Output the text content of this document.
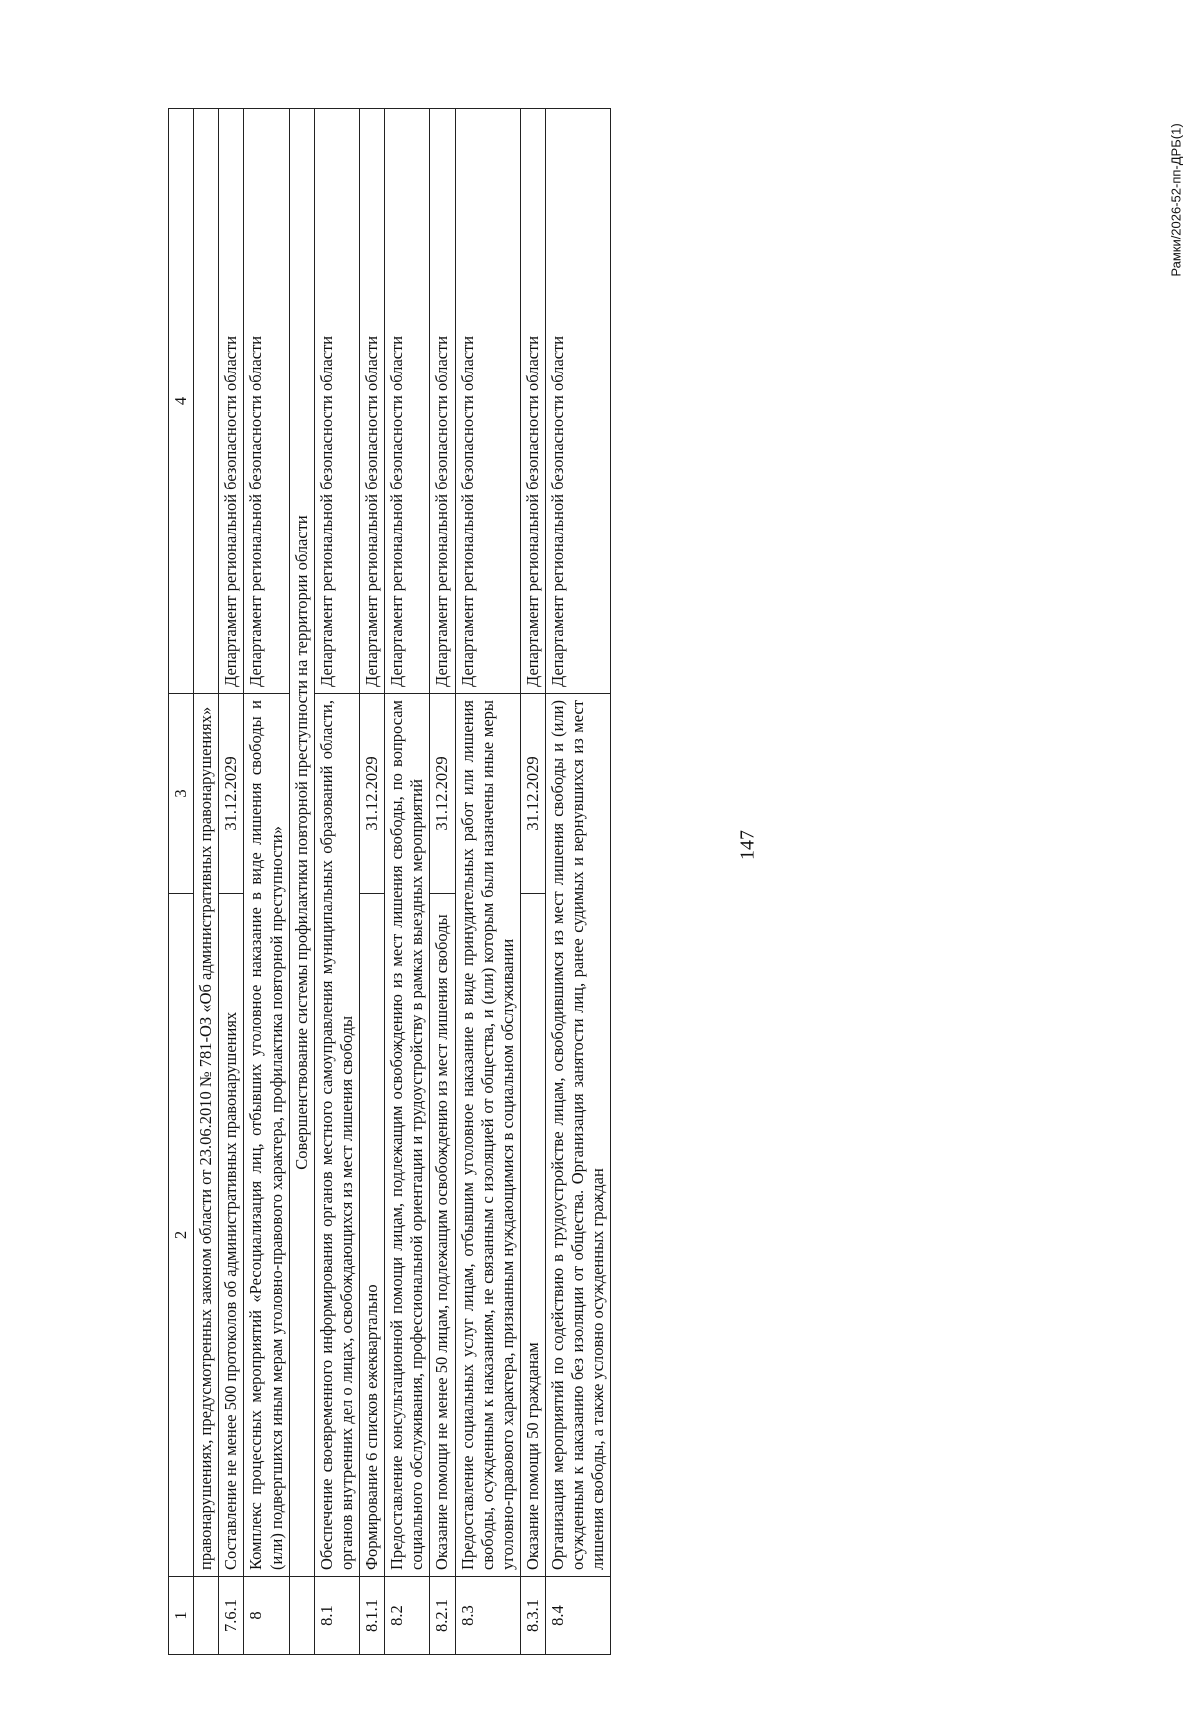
147
Рамки/2026-52-пп-ДРБ(1)
1	2	3	4
	правонарушениях, предусмотренных законом области от 23.06.2010 № 781-ОЗ «Об административных правонарушениях»		
7.6.1	Составление не менее 500 протоколов об административных правонарушениях	31.12.2029	Департамент региональной безопасности области
8	Комплекс процессных мероприятий «Ресоциализация лиц, отбывших уголовное наказание в виде лишения свободы и (или) подвергшихся иным мерам уголовно-правового характера, профилактика повторной преступности»		Департамент региональной безопасности области
	Совершенствование системы профилактики повторной преступности на территории области		
8.1	Обеспечение своевременного информирования органов местного самоуправления муниципальных образований области, органов внутренних дел о лицах, освобождающихся из мест лишения свободы		Департамент региональной безопасности области
8.1.1	Формирование 6 списков ежеквартально	31.12.2029	Департамент региональной безопасности области
8.2	Предоставление консультационной помощи лицам, подлежащим освобождению из мест лишения свободы, по вопросам социального обслуживания, профессиональной ориентации и трудоустройству в рамках выездных мероприятий		Департамент региональной безопасности области
8.2.1	Оказание помощи не менее 50 лицам, подлежащим освобождению из мест лишения свободы	31.12.2029	Департамент региональной безопасности области
8.3	Предоставление социальных услуг лицам, отбывшим уголовное наказание в виде принудительных работ или лишения свободы, осужденным к наказаниям, не связанным с изоляцией от общества, и (или) которым были назначены иные меры уголовно-правового характера, признанным нуждающимися в социальном обслуживании		Департамент региональной безопасности области
8.3.1	Оказание помощи 50 гражданам	31.12.2029	Департамент региональной безопасности области
8.4	Организация мероприятий по содействию в трудоустройстве лицам, освободившимся из мест лишения свободы и (или) осужденным к наказанию без изоляции от общества. Организация занятости лиц, ранее судимых и вернувшихся из мест лишения свободы, а также условно осужденных граждан		Департамент региональной безопасности области
